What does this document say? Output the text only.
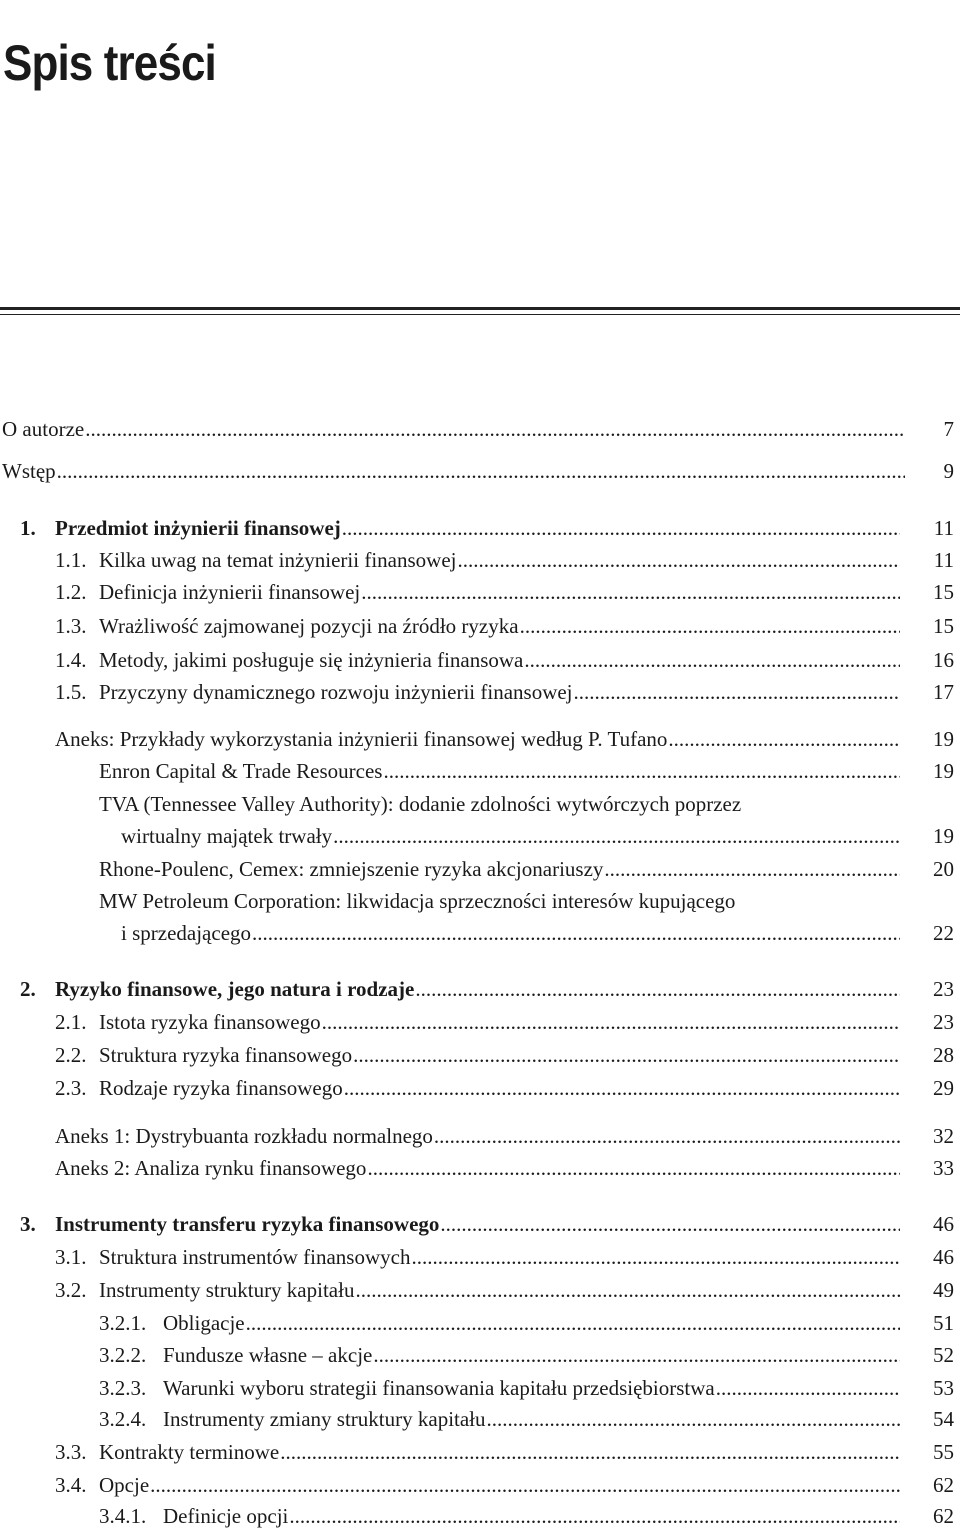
Spis treści
O autorze .....	7
Wstęp .....	9
1. Przedmiot inżynierii finansowej .....	11
1.1. Kilka uwag na temat inżynierii finansowej .....	11
1.2. Definicja inżynierii finansowej .....	15
1.3. Wrażliwość zajmowanej pozycji na źródło ryzyka .....	15
1.4. Metody, jakimi posługuje się inżynieria finansowa .....	16
1.5. Przyczyny dynamicznego rozwoju inżynierii finansowej .....	17
Aneks: Przykłady wykorzystania inżynierii finansowej według P. Tufano .....	19
Enron Capital & Trade Resources .....	19
TVA (Tennessee Valley Authority): dodanie zdolności wytwórczych poprzez
wirtualny majątek trwały .....	19
Rhone-Poulenc, Cemex: zmniejszenie ryzyka akcjonariuszy .....	20
MW Petroleum Corporation: likwidacja sprzeczności interesów kupującego
i sprzedającego .....	22
2. Ryzyko finansowe, jego natura i rodzaje .....	23
2.1. Istota ryzyka finansowego .....	23
2.2. Struktura ryzyka finansowego .....	28
2.3. Rodzaje ryzyka finansowego .....	29
Aneks 1: Dystrybuanta rozkładu normalnego .....	32
Aneks 2: Analiza rynku finansowego .....	33
3. Instrumenty transferu ryzyka finansowego .....	46
3.1. Struktura instrumentów finansowych .....	46
3.2. Instrumenty struktury kapitału .....	49
3.2.1. Obligacje .....	51
3.2.2. Fundusze własne – akcje .....	52
3.2.3. Warunki wyboru strategii finansowania kapitału przedsiębiorstwa .....	53
3.2.4. Instrumenty zmiany struktury kapitału .....	54
3.3. Kontrakty terminowe .....	55
3.4. Opcje .....	62
3.4.1. Definicje opcji .....	62
